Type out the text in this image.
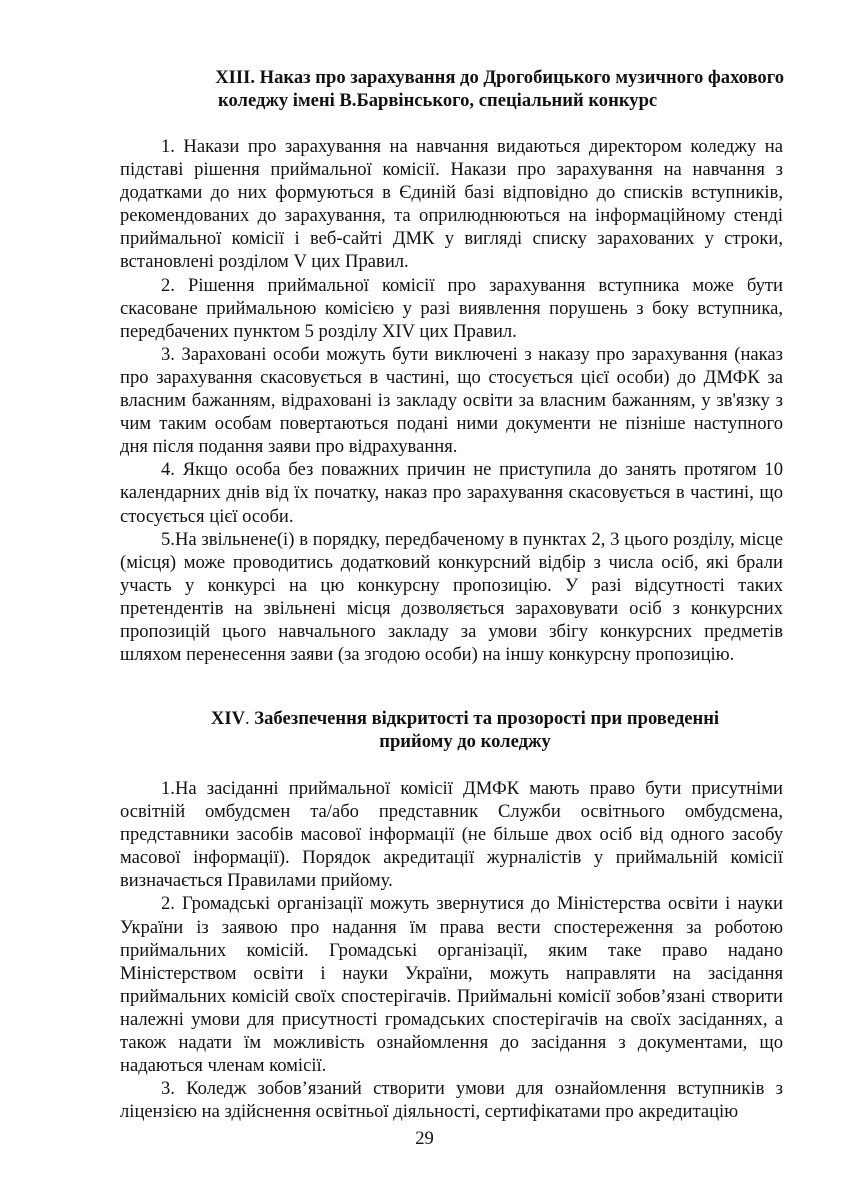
XIII. Наказ про зарахування до Дрогобицького музичного фахового
коледжу імені В.Барвінського, спеціальний конкурс

1. Накази про зарахування на навчання видаються директором коледжу на підставі рішення приймальної комісії. Накази про зарахування на навчання з додатками до них формуються в Єдиній базі відповідно до списків вступників, рекомендованих до зарахування, та оприлюднюються на інформаційному стенді приймальної комісії і веб-сайті ДМК у вигляді списку зарахованих у строки, встановлені розділом V цих Правил.

2. Рішення приймальної комісії про зарахування вступника може бути скасоване приймальною комісією у разі виявлення порушень з боку вступника, передбачених пунктом 5 розділу XIV цих Правил.

3. Зараховані особи можуть бути виключені з наказу про зарахування (наказ про зарахування скасовується в частині, що стосується цієї особи) до ДМФК за власним бажанням, відраховані із закладу освіти за власним бажанням, у зв'язку з чим таким особам повертаються подані ними документи не пізніше наступного дня після подання заяви про відрахування.

4. Якщо особа без поважних причин не приступила до занять протягом 10 календарних днів від їх початку, наказ про зарахування скасовується в частині, що стосується цієї особи.

5.На звільнене(і) в порядку, передбаченому в пунктах 2, 3 цього розділу, місце (місця) може проводитись додатковий конкурсний відбір з числа осіб, які брали участь у конкурсі на цю конкурсну пропозицію. У разі відсутності таких претендентів на звільнені місця дозволяється зараховувати осіб з конкурсних пропозицій цього навчального закладу за умови збігу конкурсних предметів шляхом перенесення заяви (за згодою особи) на іншу конкурсну пропозицію.

XIV. Забезпечення відкритості та прозорості при проведенні
прийому до коледжу

1.На засіданні приймальної комісії ДМФК мають право бути присутніми освітній омбудсмен та/або представник Служби освітнього омбудсмена, представники засобів масової інформації (не більше двох осіб від одного засобу масової інформації). Порядок акредитації журналістів у приймальній комісії визначається Правилами прийому.

2. Громадські організації можуть звернутися до Міністерства освіти і науки України із заявою про надання їм права вести спостереження за роботою приймальних комісій. Громадські організації, яким таке право надано Міністерством освіти і науки України, можуть направляти на засідання приймальних комісій своїх спостерігачів. Приймальні комісії зобов’язані створити належні умови для присутності громадських спостерігачів на своїх засіданнях, а також надати їм можливість ознайомлення до засідання з документами, що надаються членам комісії.

3. Коледж зобов’язаний створити умови для ознайомлення вступників з ліцензією на здійснення освітньої діяльності, сертифікатами про акредитацію

29
